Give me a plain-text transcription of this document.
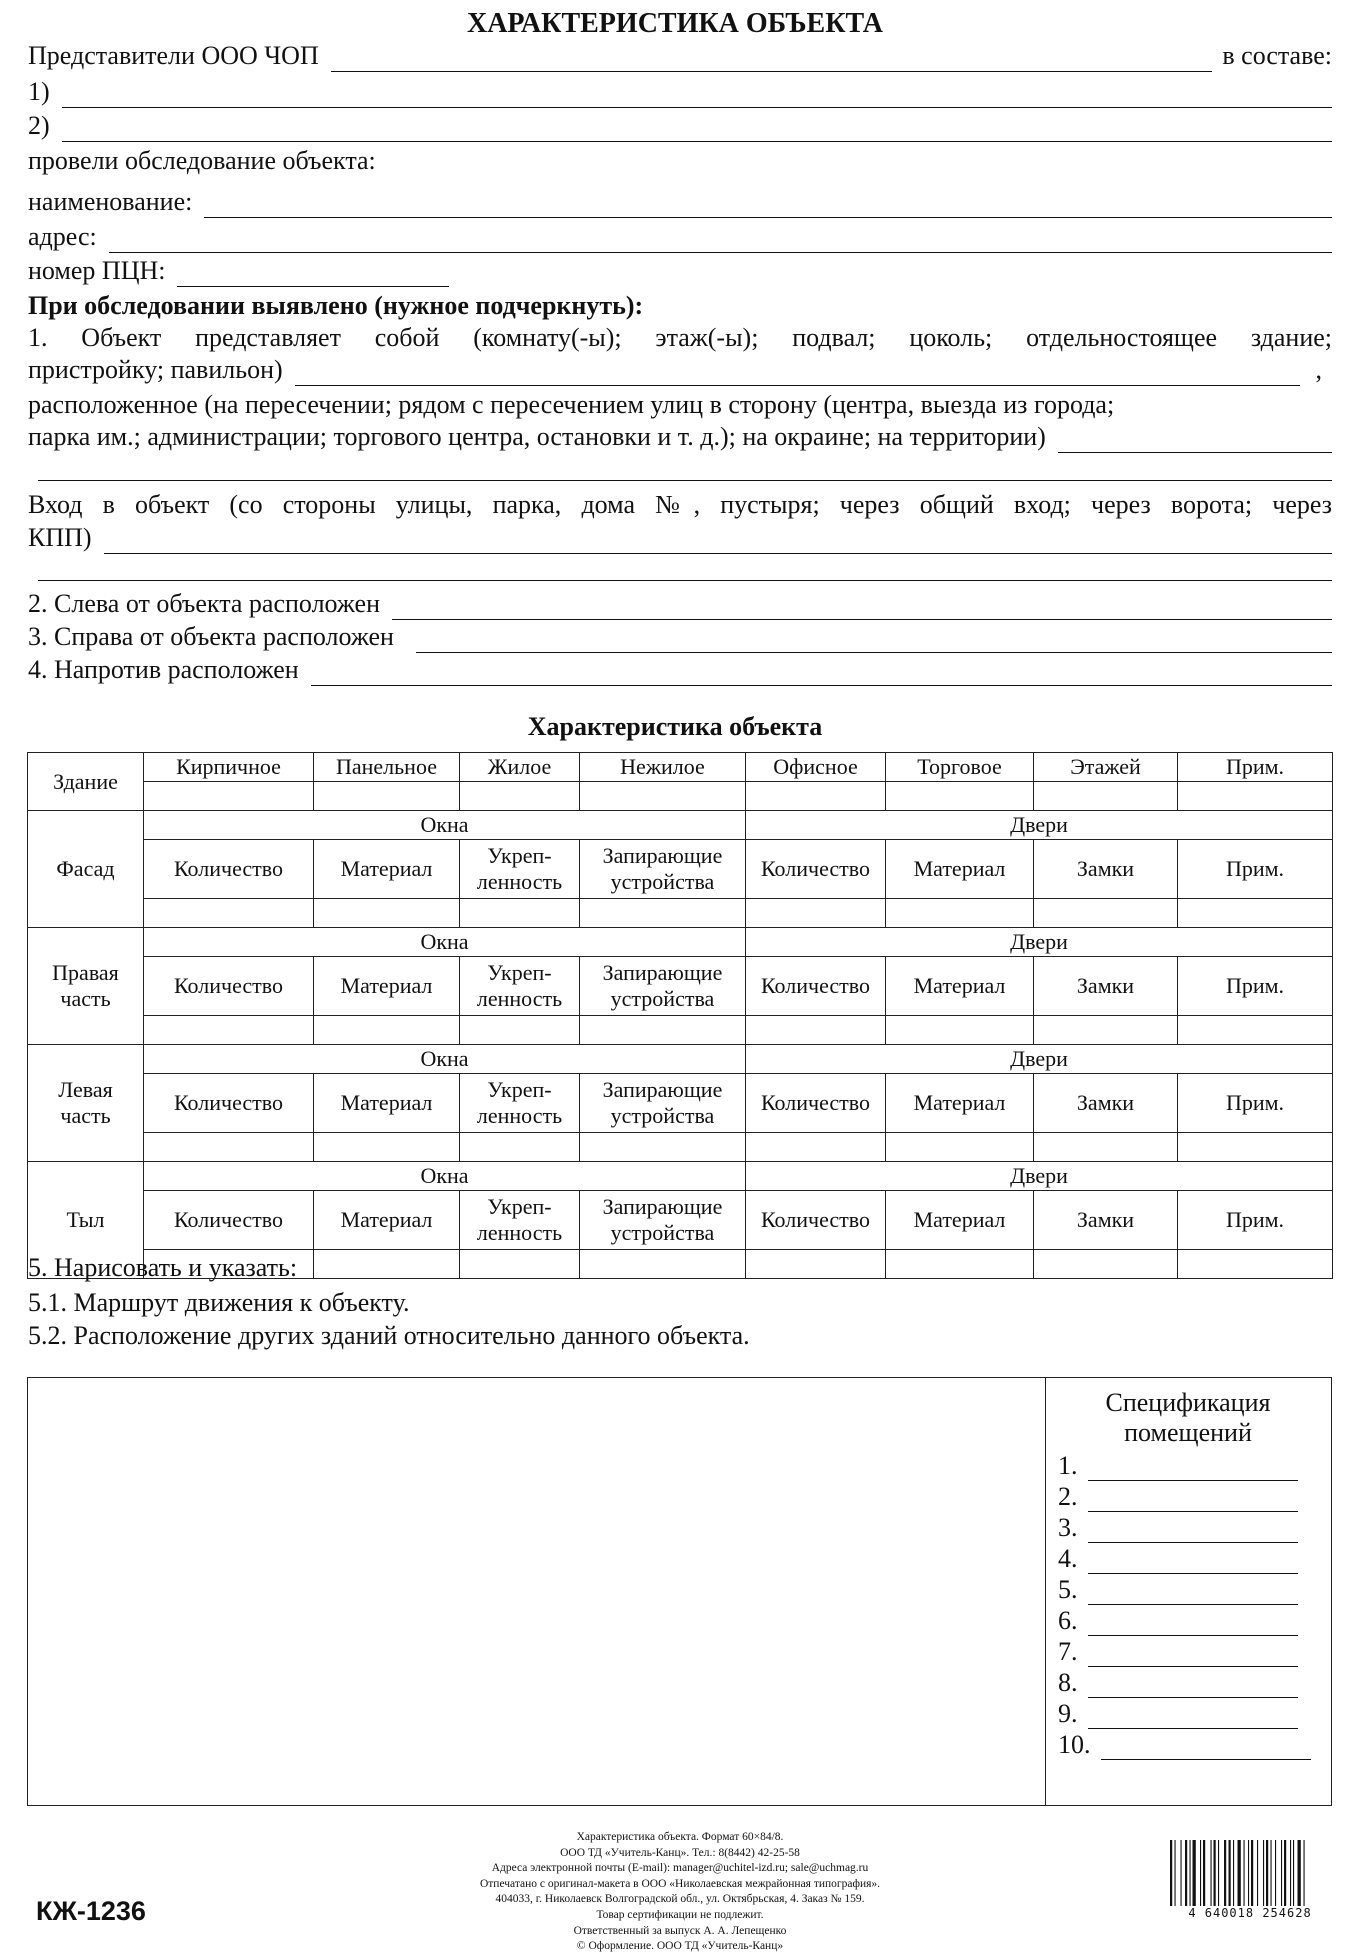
ХАРАКТЕРИСТИКА ОБЪЕКТА
Представители ООО ЧОП	в составе:
1)
2)
провели обследование объекта:
наименование:
адрес:
номер ПЦН:
При обследовании выявлено (нужное подчеркнуть):
1. Объект представляет собой (комнату(-ы); этаж(-ы); подвал; цоколь; отдельностоящее здание;
пристройку; павильон)	,
расположенное (на пересечении; рядом с пересечением улиц в сторону (центра, выезда из города;
парка им.; администрации; торгового центра, остановки и т. д.); на окраине; на территории)
Вход в объект (со стороны улицы, парка, дома №, пустыря; через общий вход; через ворота; через
КПП)
2. Слева от объекта расположен
3. Справа от объекта расположен
4. Напротив расположен
Характеристика объекта
Здание	Кирпичное	Панельное	Жилое	Нежилое	Офисное	Торговое	Этажей	Прим.

Фасад	Окна				Двери			
	Количество	Материал	Укреп-ленность	Запирающие устройства	Количество	Материал	Замки	Прим.

Правая часть	Окна				Двери			
	Количество	Материал	Укреп-ленность	Запирающие устройства	Количество	Материал	Замки	Прим.

Левая часть	Окна				Двери			
	Количество	Материал	Укреп-ленность	Запирающие устройства	Количество	Материал	Замки	Прим.

Тыл	Окна				Двери			
	Количество	Материал	Укреп-ленность	Запирающие устройства	Количество	Материал	Замки	Прим.

5. Нарисовать и указать:
5.1. Маршрут движения к объекту.
5.2. Расположение других зданий относительно данного объекта.
Спецификация
помещений
1.
2.
3.
4.
5.
6.
7.
8.
9.
10.
Характеристика объекта. Формат 60×84/8.
ООО ТД «Учитель-Канц». Тел.: 8(8442) 42-25-58
Адреса электронной почты (E-mail): manager@uchitel-izd.ru; sale@uchmag.ru
Отпечатано с оригинал-макета в ООО «Николаевская межрайонная типография».
404033, г. Николаевск Волгоградской обл., ул. Октябрьская, 4. Заказ № 159.
Товар сертификации не подлежит.
Ответственный за выпуск А. А. Лепещенко
© Оформление. ООО ТД «Учитель-Канц»
КЖ-1236	4 640018 254628
